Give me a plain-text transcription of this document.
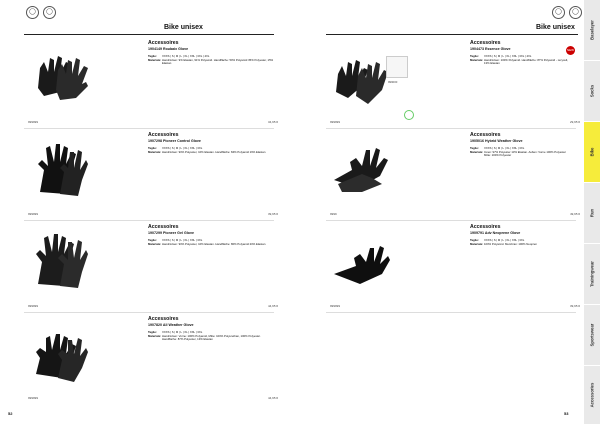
◯	◯
Bike unisex
52

Accessoires

1904149 Roubaix Glove

Taglie:	XXXS | S | M | L | XL | XXL | 3XL | 4XL
Materiale: Handrücken: 9% Elastan, 91% Polyamid. Handfläche: 50% Polyamid 35% Polyester, 15% Elastan
999999	34,95 €

Accessoires

1907298 Pioneer Control Glove

Taglie:	XXXS | S | M | L | XL | XXL | 3XL
Materiale: Handrücken: 90% Polyester, 10% Elastan. Handfläche: 84% Polyamid 16% Elastan
999999	39,95 €

Accessoires

1907299 Pioneer Gel Glove

Taglie:	XXXS | S | M | L | XL | XXL | 3XL
Materiale: Handrücken: 90% Polyester, 10% Elastan. Handfläche: 80% Polyamid 20% Elastan
999999	44,95 €

Accessoires

1907820 All Weather Glove

Taglie:	XXXS | S | M | L | XL | XXL | 3XL
Materiale: Handrücken: Vorne: 100% Polyamid, Mitte: 100% Polyurethan, 100% Polyester. Handfläche: 87% Polyester, 13% Elastan
999999	44,95 €
◯	◯
Bike unisex
53
999000
NEW

Accessoires

1904473 Essence Glove

Taglie:	XXXS | S | M | L | XL | XXL | 3XL | 4XL
Materiale: Handrücken: 100% Polyamid. Handfläche: 87% Polyamid - recycelt, 13% Elastan
999999	29,95 €

Accessoires

1905016 Hybrid Weather Glove

Taglie:	XXXS | S | M | L | XL | XXL | 3XL
Materiale: Innen: 97% Polyester 13% Elastan. Außen: Vorne 100% Polyester Mitte: 100% Polyester
9999	49,95 €

Accessoires

1909791 Adv Neoprene Glove

Taglie:	XXXS | S | M | L | XL | XXL | 3XL
Materiale: 100% Polyamid. Membran: 100% Neopren
999999	39,95 €
Baselayer
Socks
Bike
Run
Trainingwear
Sportswear
Accessories
